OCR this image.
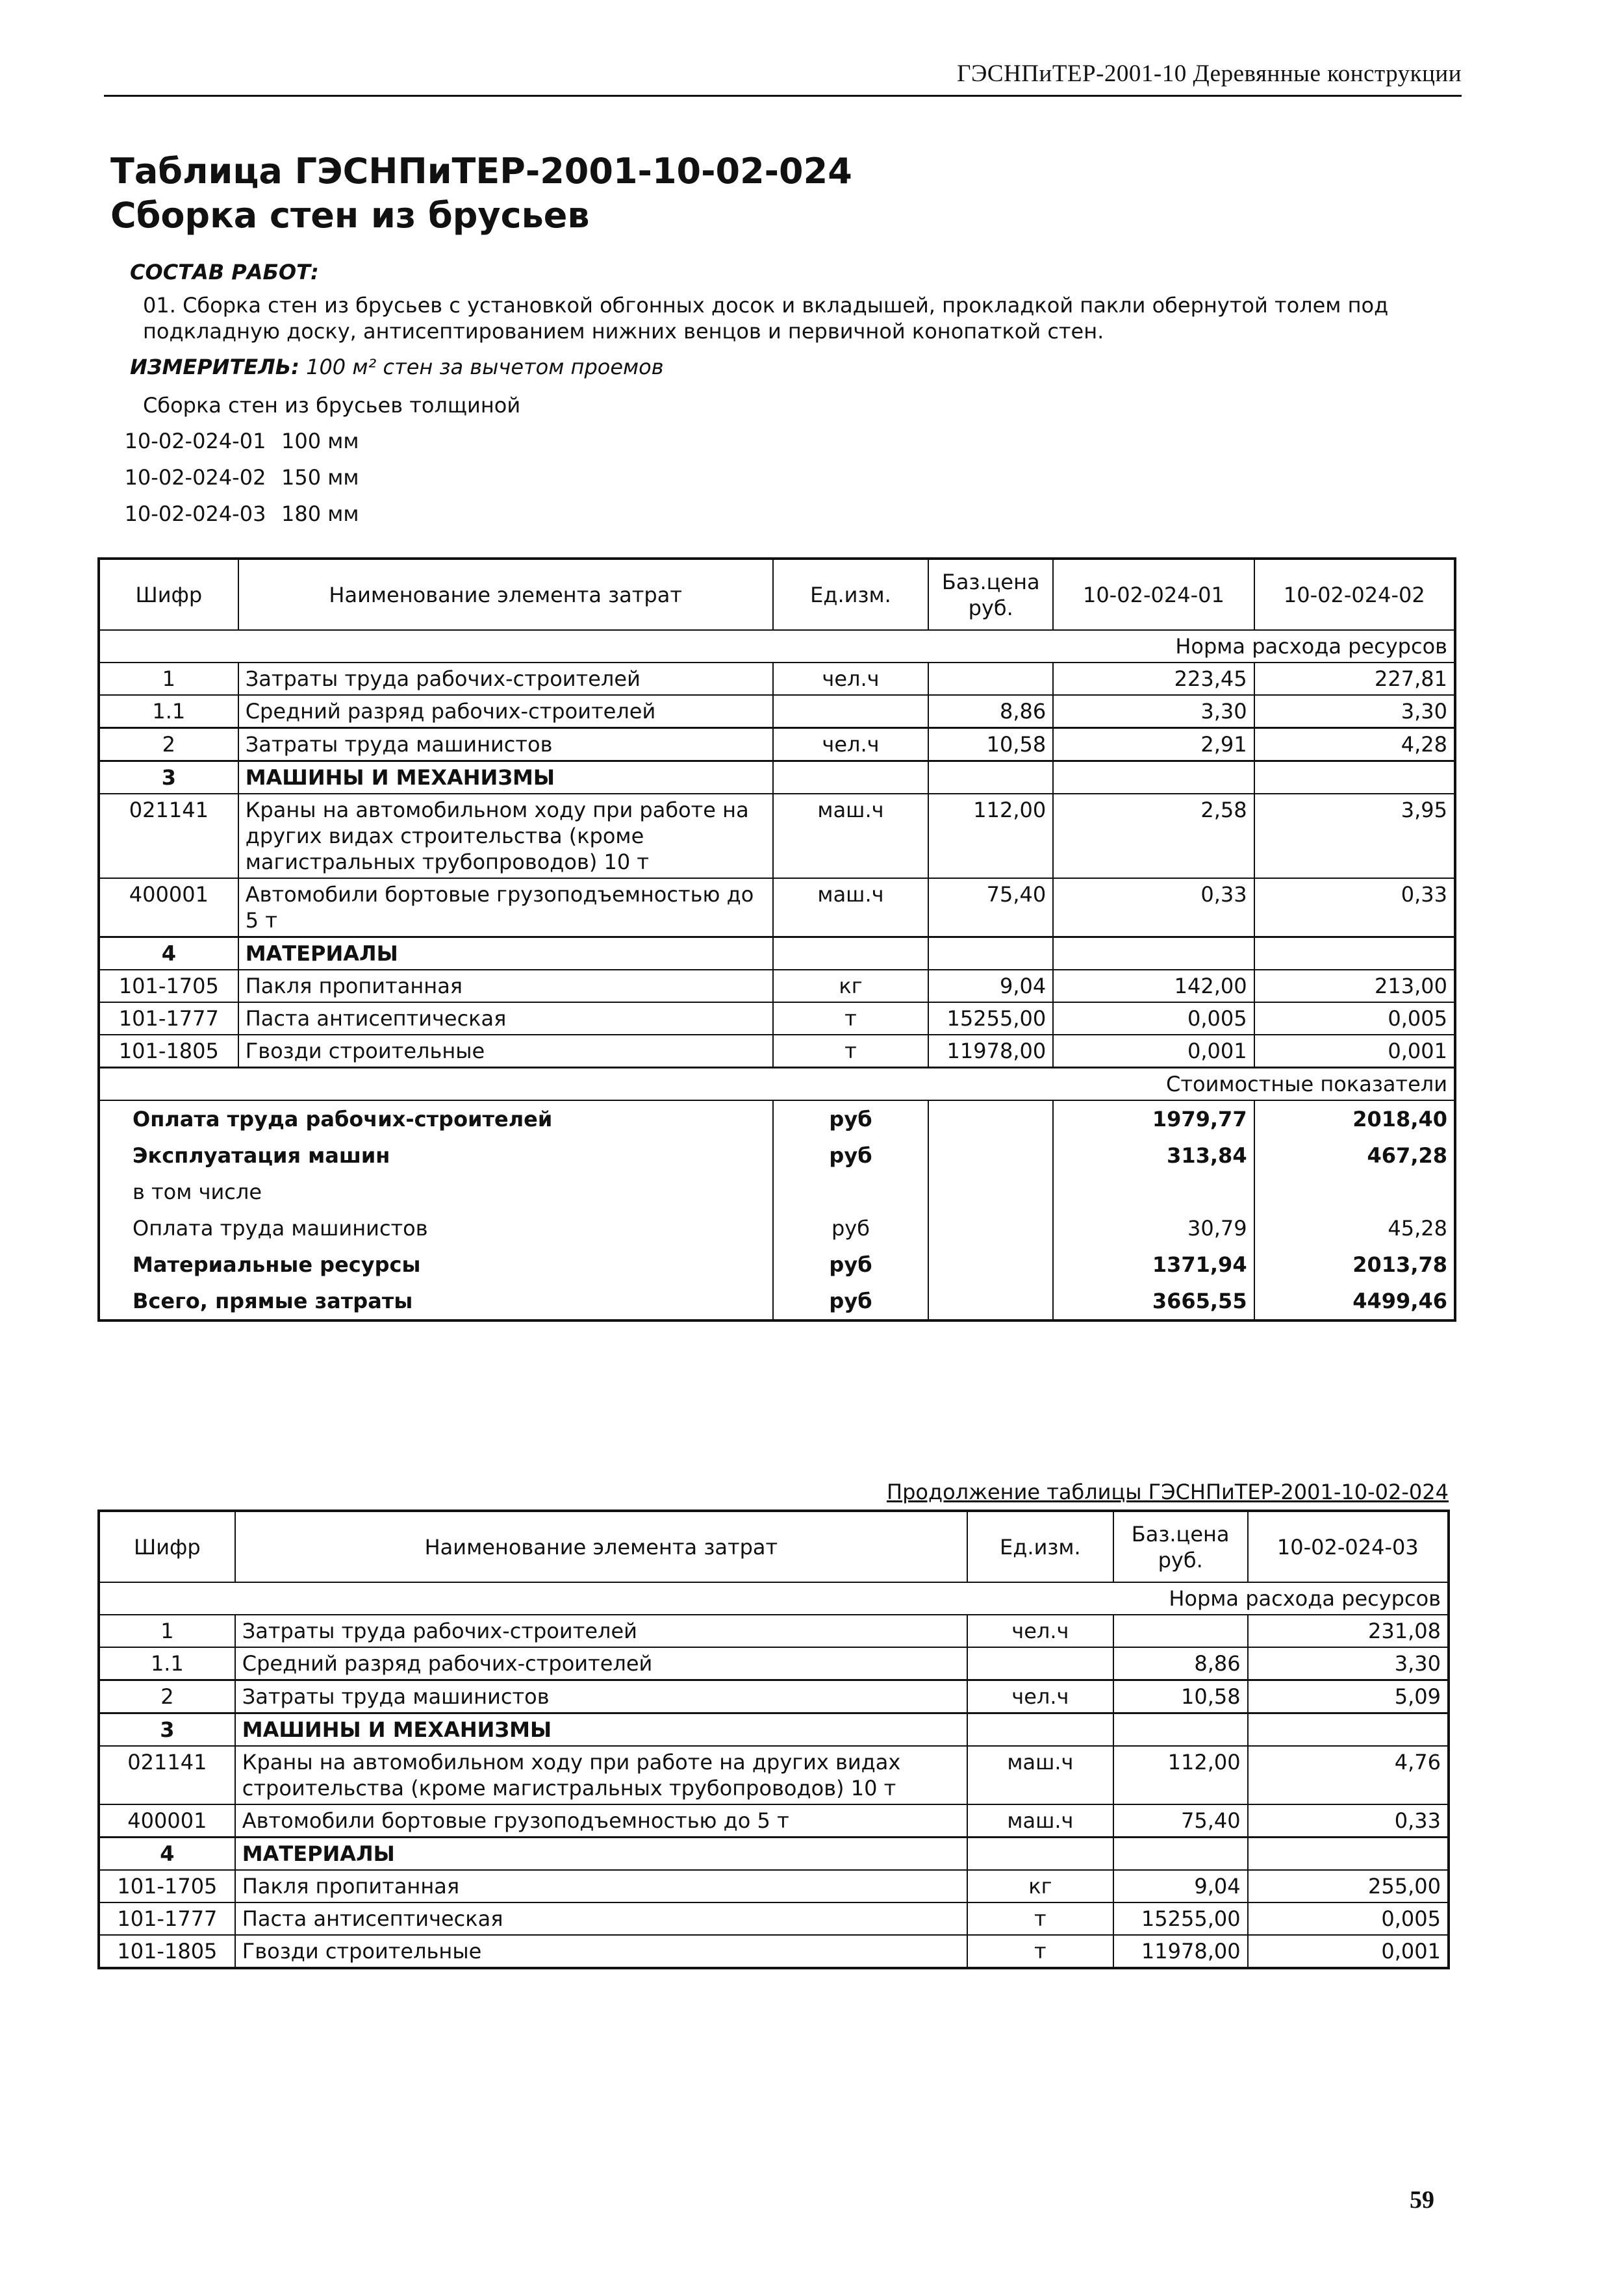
ГЭСНПиТЕР-2001-10 Деревянные конструкции
Таблица ГЭСНПиТЕР-2001-10-02-024
Сборка стен из брусьев
СОСТАВ РАБОТ:
01. Сборка стен из брусьев с установкой обгонных досок и вкладышей, прокладкой пакли обернутой толем под подкладную доску, антисептированием нижних венцов и первичной конопаткой стен.
ИЗМЕРИТЕЛЬ: 100 м² стен за вычетом проемов
Сборка стен из брусьев толщиной
10-02-024-01 100 мм
10-02-024-02 150 мм
10-02-024-03 180 мм
Шифр	Наименование элемента затрат	Ед.изм.	Баз.цена руб.	10-02-024-01	10-02-024-02
Норма расхода ресурсов					
1	Затраты труда рабочих-строителей	чел.ч		223,45	227,81
1.1	Средний разряд рабочих-строителей		8,86	3,30	3,30
2	Затраты труда машинистов	чел.ч	10,58	2,91	4,28
3	МАШИНЫ И МЕХАНИЗМЫ				
021141	Краны на автомобильном ходу при работе на других видах строительства (кроме магистральных трубопроводов) 10 т	маш.ч	112,00	2,58	3,95
400001	Автомобили бортовые грузоподъемностью до 5 т	маш.ч	75,40	0,33	0,33
4	МАТЕРИАЛЫ				
101-1705	Пакля пропитанная	кг	9,04	142,00	213,00
101-1777	Паста антисептическая	т	15255,00	0,005	0,005
101-1805	Гвозди строительные	т	11978,00	0,001	0,001
Стоимостные показатели					
Оплата труда рабочих-строителей		руб		1979,77	2018,40
Эксплуатация машин		руб		313,84	467,28
в том числе					
Оплата труда машинистов		руб		30,79	45,28
Материальные ресурсы		руб		1371,94	2013,78
Всего, прямые затраты		руб		3665,55	4499,46
Продолжение таблицы ГЭСНПиТЕР-2001-10-02-024
Шифр	Наименование элемента затрат	Ед.изм.	Баз.цена руб.	10-02-024-03
Норма расхода ресурсов				
1	Затраты труда рабочих-строителей	чел.ч		231,08
1.1	Средний разряд рабочих-строителей		8,86	3,30
2	Затраты труда машинистов	чел.ч	10,58	5,09
3	МАШИНЫ И МЕХАНИЗМЫ			
021141	Краны на автомобильном ходу при работе на других видах строительства (кроме магистральных трубопроводов) 10 т	маш.ч	112,00	4,76
400001	Автомобили бортовые грузоподъемностью до 5 т	маш.ч	75,40	0,33
4	МАТЕРИАЛЫ			
101-1705	Пакля пропитанная	кг	9,04	255,00
101-1777	Паста антисептическая	т	15255,00	0,005
101-1805	Гвозди строительные	т	11978,00	0,001
59
